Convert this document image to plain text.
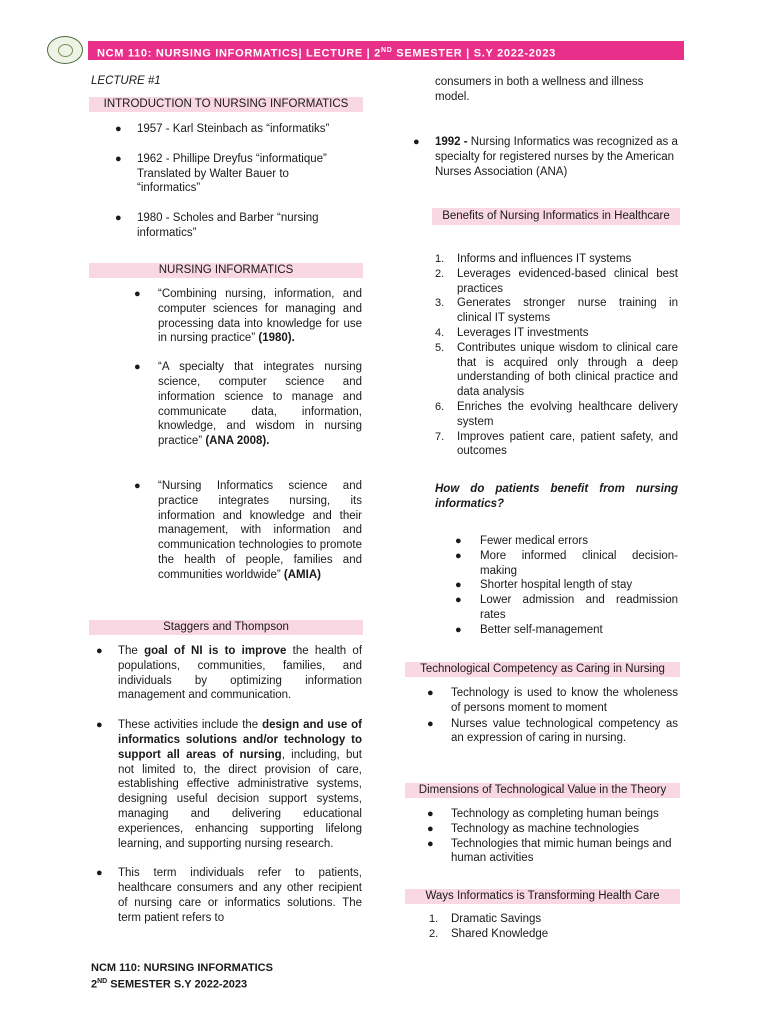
NCM 110: NURSING INFORMATICS| LECTURE | 2ND SEMESTER | S.Y 2022-2023
LECTURE #1
INTRODUCTION TO NURSING INFORMATICS
● 1957 - Karl Steinbach as “informatiks”
● 1962 - Phillipe Dreyfus “informatique” Translated by Walter Bauer to “informatics”
● 1980 - Scholes and Barber “nursing informatics”
NURSING INFORMATICS
● “Combining nursing, information, and computer sciences for managing and processing data into knowledge for use in nursing practice” (1980).
● “A specialty that integrates nursing science, computer science and information science to manage and communicate data, information, knowledge, and wisdom in nursing practice” (ANA 2008).
● “Nursing Informatics science and practice integrates nursing, its information and knowledge and their management, with information and communication technologies to promote the health of people, families and communities worldwide” (AMIA)
Staggers and Thompson
● The goal of NI is to improve the health of populations, communities, families, and individuals by optimizing information management and communication.
● These activities include the design and use of informatics solutions and/or technology to support all areas of nursing, including, but not limited to, the direct provision of care, establishing effective administrative systems, designing useful decision support systems, managing and delivering educational experiences, enhancing supporting lifelong learning, and supporting nursing research.
● This term individuals refer to patients, healthcare consumers and any other recipient of nursing care or informatics solutions. The term patient refers to
consumers in both a wellness and illness model.
● 1992 - Nursing Informatics was recognized as a specialty for registered nurses by the American Nurses Association (ANA)
Benefits of Nursing Informatics in Healthcare
1. Informs and influences IT systems
2. Leverages evidenced-based clinical best practices
3. Generates stronger nurse training in clinical IT systems
4. Leverages IT investments
5. Contributes unique wisdom to clinical care that is acquired only through a deep understanding of both clinical practice and data analysis
6. Enriches the evolving healthcare delivery system
7. Improves patient care, patient safety, and outcomes
How do patients benefit from nursing informatics?
● Fewer medical errors
● More informed clinical decision-making
● Shorter hospital length of stay
● Lower admission and readmission rates
● Better self-management
Technological Competency as Caring in Nursing
● Technology is used to know the wholeness of persons moment to moment
● Nurses value technological competency as an expression of caring in nursing.
Dimensions of Technological Value in the Theory
● Technology as completing human beings
● Technology as machine technologies
● Technologies that mimic human beings and human activities
Ways Informatics is Transforming Health Care
1. Dramatic Savings
2. Shared Knowledge
NCM 110: NURSING INFORMATICS
2ND SEMESTER S.Y 2022-2023
